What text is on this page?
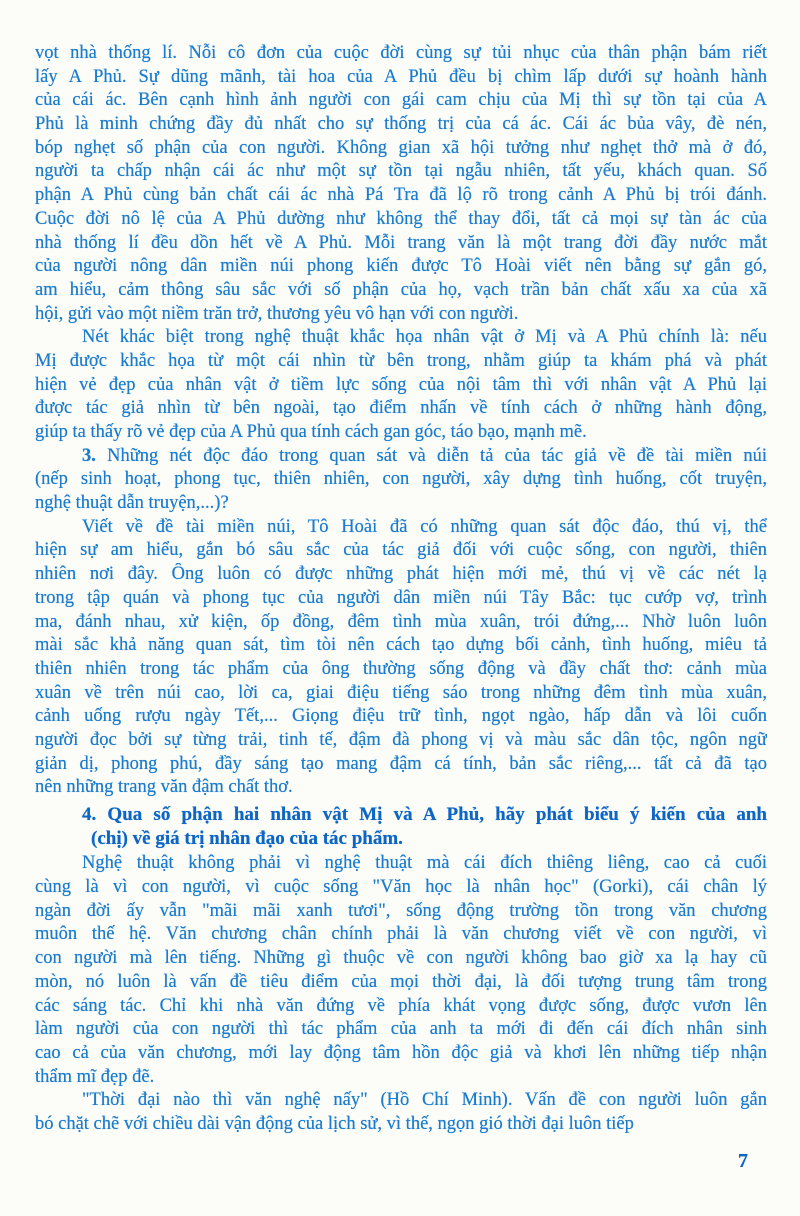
vọt nhà thống lí. Nỗi cô đơn của cuộc đời cùng sự tủi nhục của thân phận bám riết
lấy A Phủ. Sự dũng mãnh, tài hoa của A Phủ đều bị chìm lấp dưới sự hoành hành
của cái ác. Bên cạnh hình ảnh người con gái cam chịu của Mị thì sự tồn tại của A
Phủ là minh chứng đầy đủ nhất cho sự thống trị của cá ác. Cái ác bủa vây, đè nén,
bóp nghẹt số phận của con người. Không gian xã hội tưởng như nghẹt thở mà ở đó,
người ta chấp nhận cái ác như một sự tồn tại ngẫu nhiên, tất yếu, khách quan. Số
phận A Phủ cùng bản chất cái ác nhà Pá Tra đã lộ rõ trong cảnh A Phủ bị trói đánh.
Cuộc đời nô lệ của A Phủ dường như không thể thay đổi, tất cả mọi sự tàn ác của
nhà thống lí đều dồn hết về A Phủ. Mỗi trang văn là một trang đời đầy nước mắt
của người nông dân miền núi phong kiến được Tô Hoài viết nên bằng sự gắn gó,
am hiểu, cảm thông sâu sắc với số phận của họ, vạch trần bản chất xấu xa của xã
hội, gửi vào một niềm trăn trở, thương yêu vô hạn với con người.
Nét khác biệt trong nghệ thuật khắc họa nhân vật ở Mị và A Phủ chính là: nếu
Mị được khắc họa từ một cái nhìn từ bên trong, nhằm giúp ta khám phá và phát
hiện vẻ đẹp của nhân vật ở tiềm lực sống của nội tâm thì với nhân vật A Phủ lại
được tác giả nhìn từ bên ngoài, tạo điểm nhấn về tính cách ở những hành động,
giúp ta thấy rõ vẻ đẹp của A Phủ qua tính cách gan góc, táo bạo, mạnh mẽ.
3. Những nét độc đáo trong quan sát và diễn tả của tác giả về đề tài miền núi
(nếp sinh hoạt, phong tục, thiên nhiên, con người, xây dựng tình huống, cốt truyện,
nghệ thuật dẫn truyện,...)?
Viết về đề tài miền núi, Tô Hoài đã có những quan sát độc đáo, thú vị, thể
hiện sự am hiểu, gắn bó sâu sắc của tác giả đối với cuộc sống, con người, thiên
nhiên nơi đây. Ông luôn có được những phát hiện mới mẻ, thú vị về các nét lạ
trong tập quán và phong tục của người dân miền núi Tây Bắc: tục cướp vợ, trình
ma, đánh nhau, xử kiện, ốp đồng, đêm tình mùa xuân, trói đứng,... Nhờ luôn luôn
mài sắc khả năng quan sát, tìm tòi nên cách tạo dựng bối cảnh, tình huống, miêu tả
thiên nhiên trong tác phẩm của ông thường sống động và đầy chất thơ: cảnh mùa
xuân về trên núi cao, lời ca, giai điệu tiếng sáo trong những đêm tình mùa xuân,
cảnh uống rượu ngày Tết,... Giọng điệu trữ tình, ngọt ngào, hấp dẫn và lôi cuốn
người đọc bởi sự từng trải, tinh tế, đậm đà phong vị và màu sắc dân tộc, ngôn ngữ
giản dị, phong phú, đầy sáng tạo mang đậm cá tính, bản sắc riêng,... tất cả đã tạo
nên những trang văn đậm chất thơ.
4. Qua số phận hai nhân vật Mị và A Phủ, hãy phát biểu ý kiến của anh
(chị) về giá trị nhân đạo của tác phẩm.
Nghệ thuật không phải vì nghệ thuật mà cái đích thiêng liêng, cao cả cuối
cùng là vì con người, vì cuộc sống "Văn học là nhân học" (Gorki), cái chân lý
ngàn đời ấy vẫn "mãi mãi xanh tươi", sống động trường tồn trong văn chương
muôn thế hệ. Văn chương chân chính phải là văn chương viết về con người, vì
con người mà lên tiếng. Những gì thuộc về con người không bao giờ xa lạ hay cũ
mòn, nó luôn là vấn đề tiêu điểm của mọi thời đại, là đối tượng trung tâm trong
các sáng tác. Chỉ khi nhà văn đứng về phía khát vọng được sống, được vươn lên
làm người của con người thì tác phẩm của anh ta mới đi đến cái đích nhân sinh
cao cả của văn chương, mới lay động tâm hồn độc giả và khơi lên những tiếp nhận
thẩm mĩ đẹp đẽ.
"Thời đại nào thì văn nghệ nấy" (Hồ Chí Minh). Vấn đề con người luôn gắn
bó chặt chẽ với chiều dài vận động của lịch sử, vì thế, ngọn gió thời đại luôn tiếp
7
